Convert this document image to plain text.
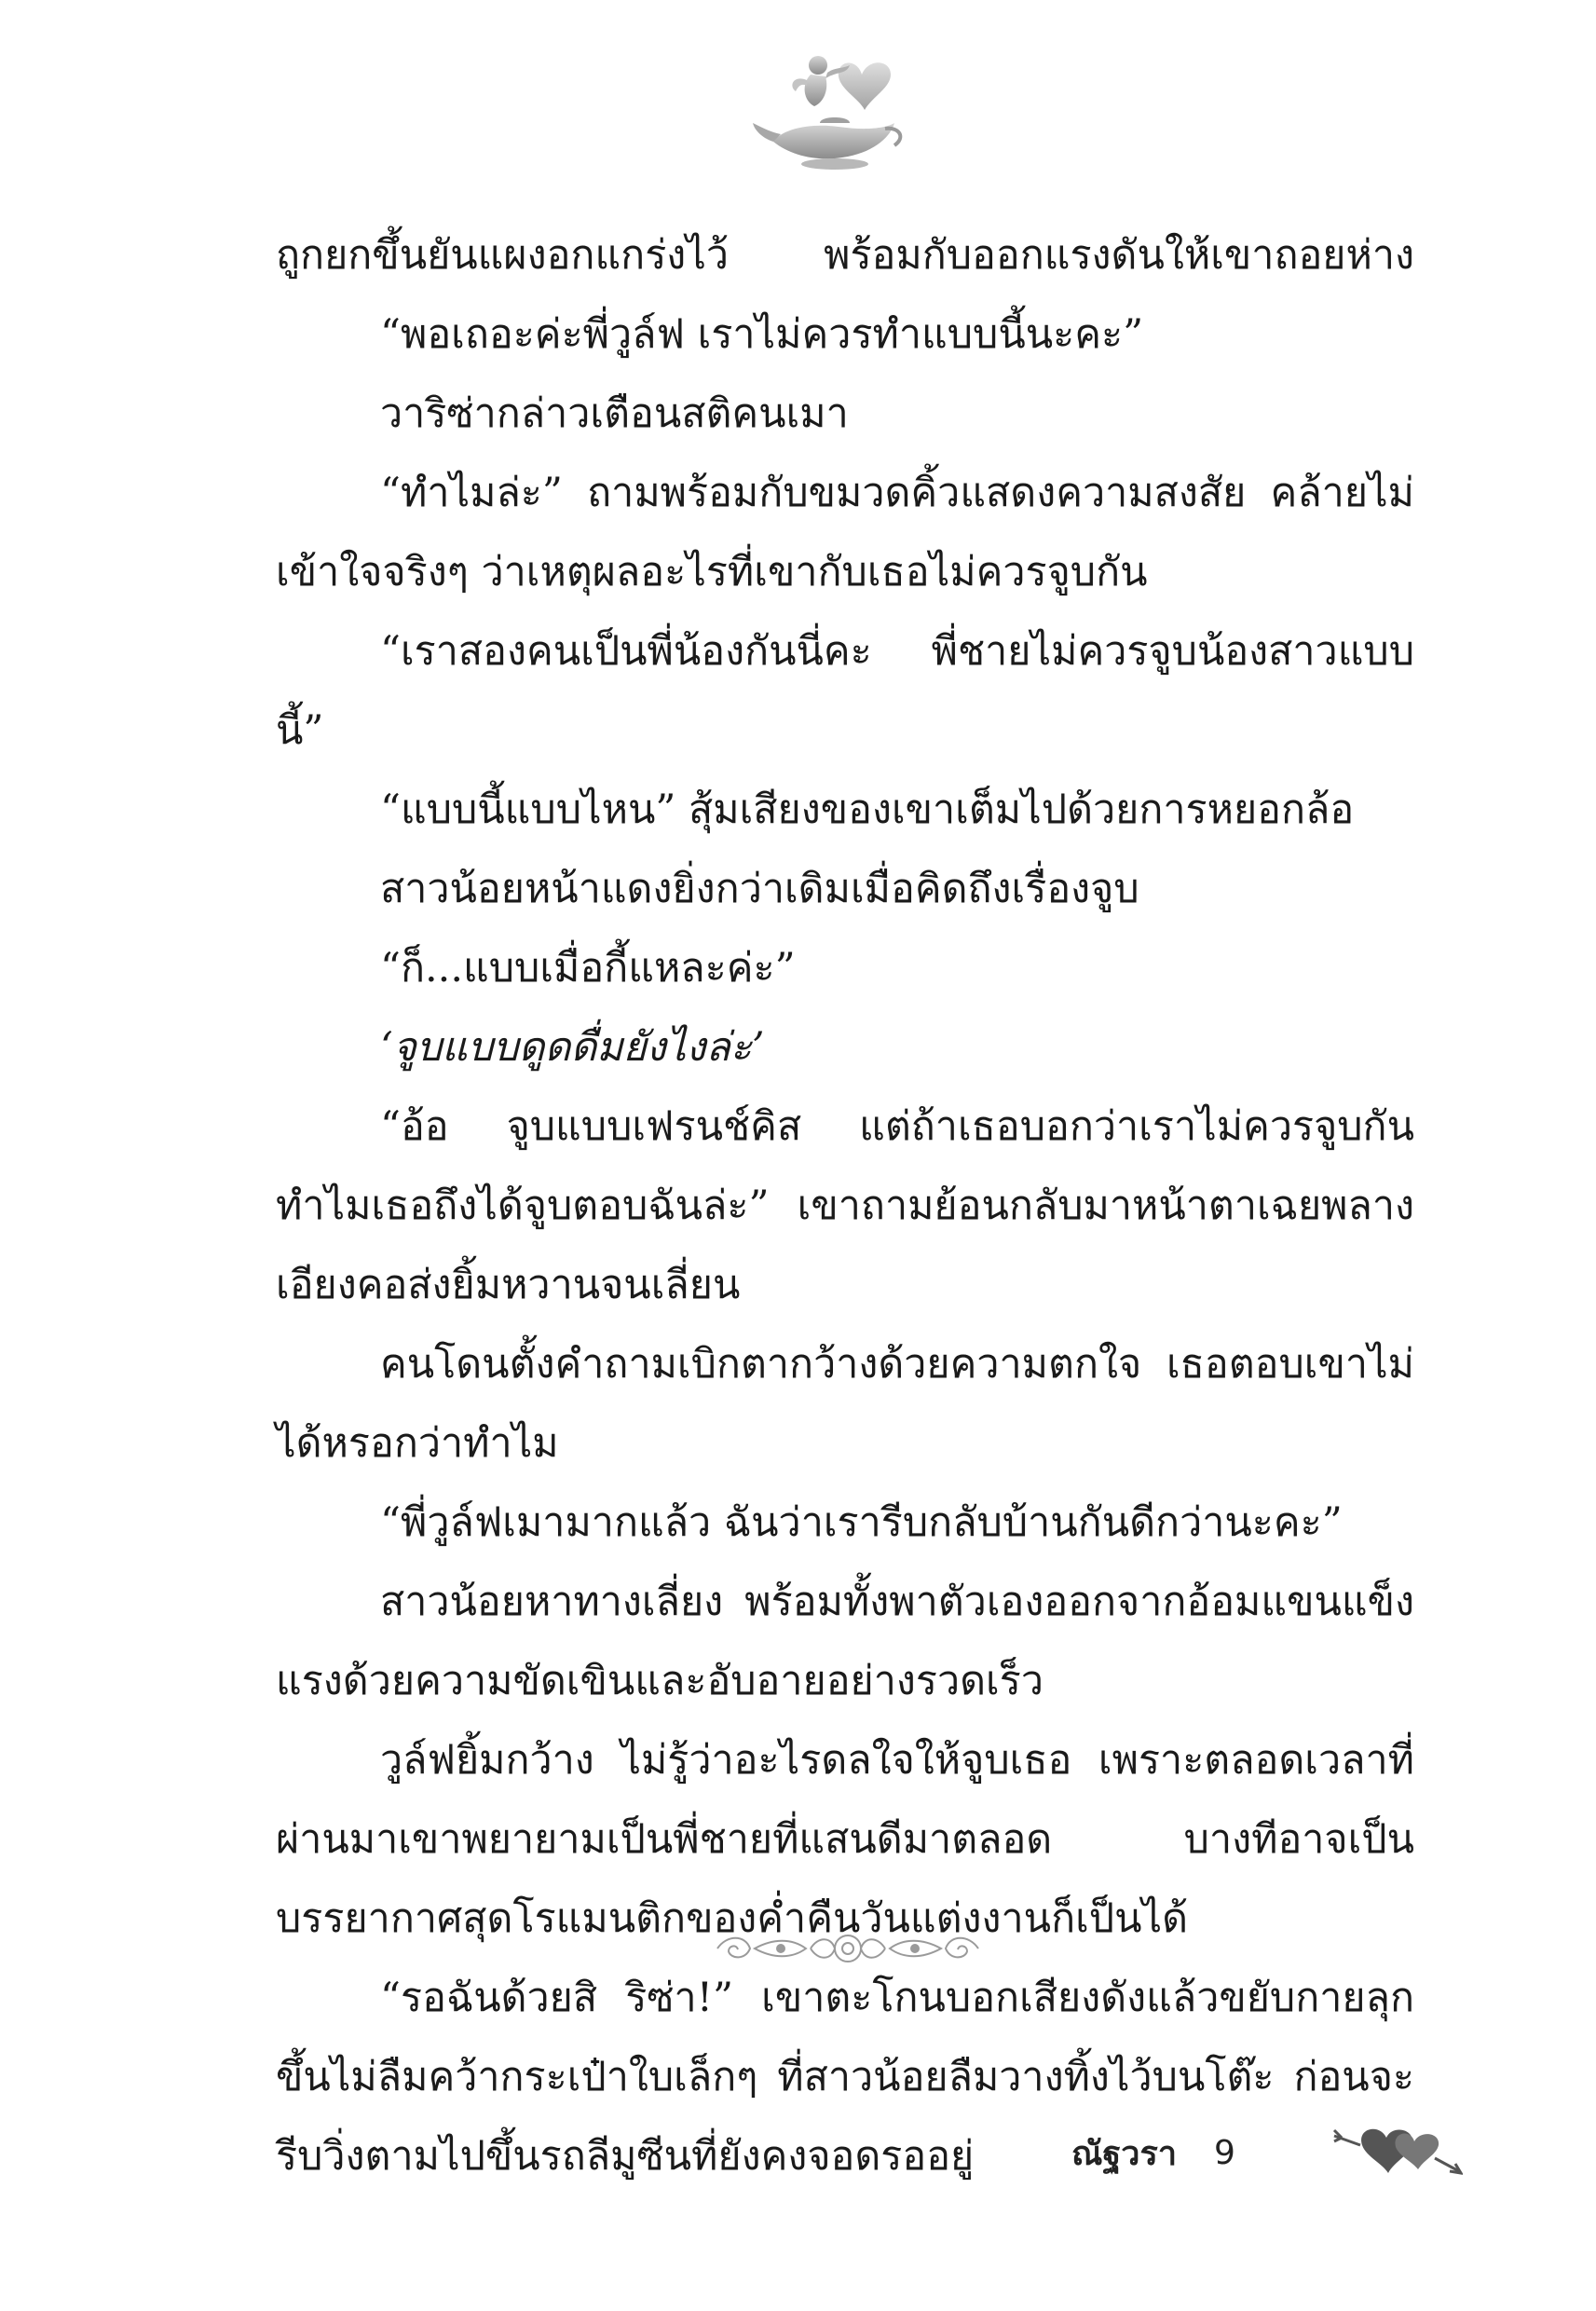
ถูกยกขึ้นยันแผงอกแกร่งไว้ พร้อมกับออกแรงดันให้เขาถอยห่าง

“พอเถอะค่ะพี่วูล์ฟ เราไม่ควรทำแบบนี้นะคะ”

วาริซ่ากล่าวเตือนสติคนเมา

“ทำไมล่ะ” ถามพร้อมกับขมวดคิ้วแสดงความสงสัย คล้ายไม่เข้าใจจริงๆ ว่าเหตุผลอะไรที่เขากับเธอไม่ควรจูบกัน

“เราสองคนเป็นพี่น้องกันนี่คะ พี่ชายไม่ควรจูบน้องสาวแบบนี้”

“แบบนี้แบบไหน” สุ้มเสียงของเขาเต็มไปด้วยการหยอกล้อ

สาวน้อยหน้าแดงยิ่งกว่าเดิมเมื่อคิดถึงเรื่องจูบ

“ก็...แบบเมื่อกี้แหละค่ะ”

‘จูบแบบดูดดื่มยังไงล่ะ’

“อ้อ จูบแบบเฟรนช์คิส แต่ถ้าเธอบอกว่าเราไม่ควรจูบกัน ทำไมเธอถึงได้จูบตอบฉันล่ะ” เขาถามย้อนกลับมาหน้าตาเฉยพลางเอียงคอส่งยิ้มหวานจนเลี่ยน

คนโดนตั้งคำถามเบิกตากว้างด้วยความตกใจ เธอตอบเขาไม่ได้หรอกว่าทำไม

“พี่วูล์ฟเมามากแล้ว ฉันว่าเรารีบกลับบ้านกันดีกว่านะคะ”

สาวน้อยหาทางเลี่ยง พร้อมทั้งพาตัวเองออกจากอ้อมแขนแข็งแรงด้วยความขัดเขินและอับอายอย่างรวดเร็ว

วูล์ฟยิ้มกว้าง ไม่รู้ว่าอะไรดลใจให้จูบเธอ เพราะตลอดเวลาที่ผ่านมาเขาพยายามเป็นพี่ชายที่แสนดีมาตลอด บางทีอาจเป็นบรรยากาศสุดโรแมนติกของค่ำคืนวันแต่งงานก็เป็นได้

“รอฉันด้วยสิ ริซ่า!” เขาตะโกนบอกเสียงดังแล้วขยับกายลุกขึ้นไม่ลืมคว้ากระเป๋าใบเล็กๆ ที่สาวน้อยลืมวางทิ้งไว้บนโต๊ะ ก่อนจะรีบวิ่งตามไปขึ้นรถลีมูซีนที่ยังคงจอดรออยู่	ณัฐวรา 9
